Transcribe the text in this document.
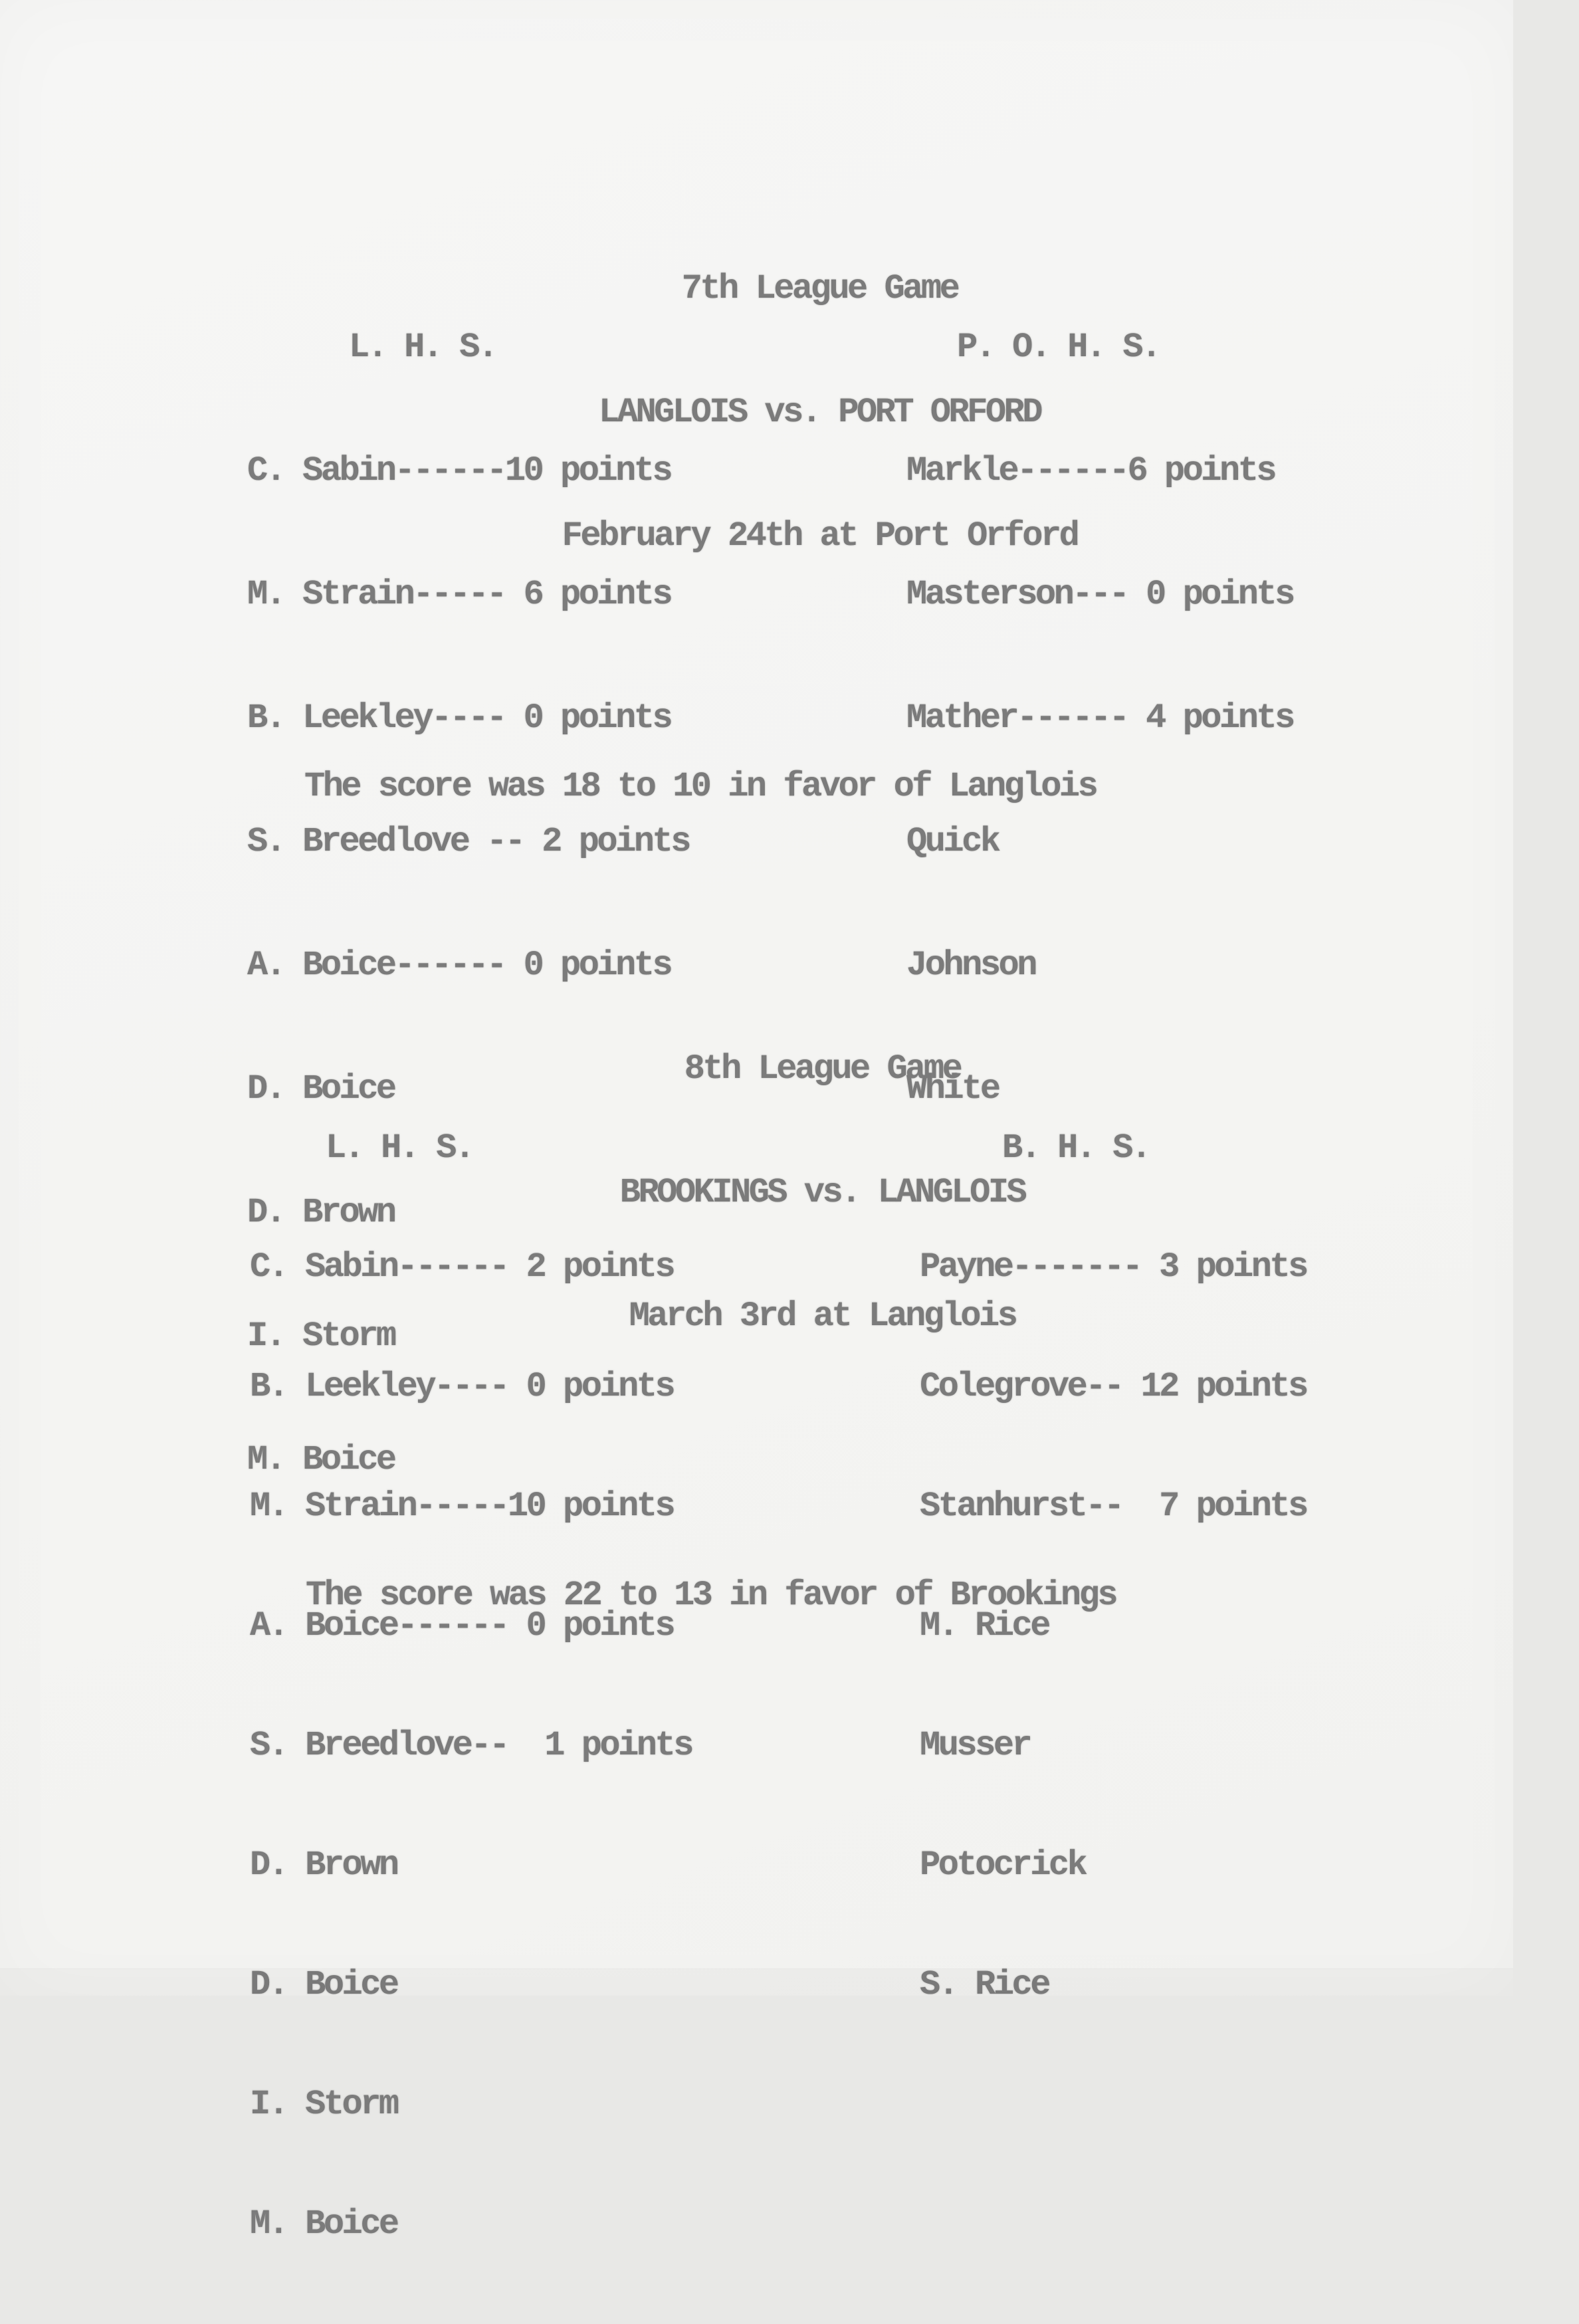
7th League Game

LANGLOIS vs. PORT ORFORD

February 24th at Port Orford

L. H. S.

C. Sabin------10 points

M. Strain----- 6 points

B. Leekley---- 0 points

S. Breedlove -- 2 points

A. Boice------ 0 points

D. Boice

D. Brown

I. Storm

M. Boice

P. O. H. S.

Markle------6 points

Masterson--- 0 points

Mather------ 4 points

Quick

Johnson

White

The score was 18 to 10 in favor of Langlois

8th League Game

BROOKINGS vs. LANGLOIS

March 3rd at Langlois

L. H. S.

C. Sabin------ 2 points

B. Leekley---- 0 points

M. Strain-----10 points

A. Boice------ 0 points

S. Breedlove--  1 points

D. Brown

D. Boice

I. Storm

M. Boice

B. H. S.

Payne------- 3 points

Colegrove-- 12 points

Stanhurst--  7 points

M. Rice

Musser

Potocrick

S. Rice

The score was 22 to 13 in favor of Brookings
